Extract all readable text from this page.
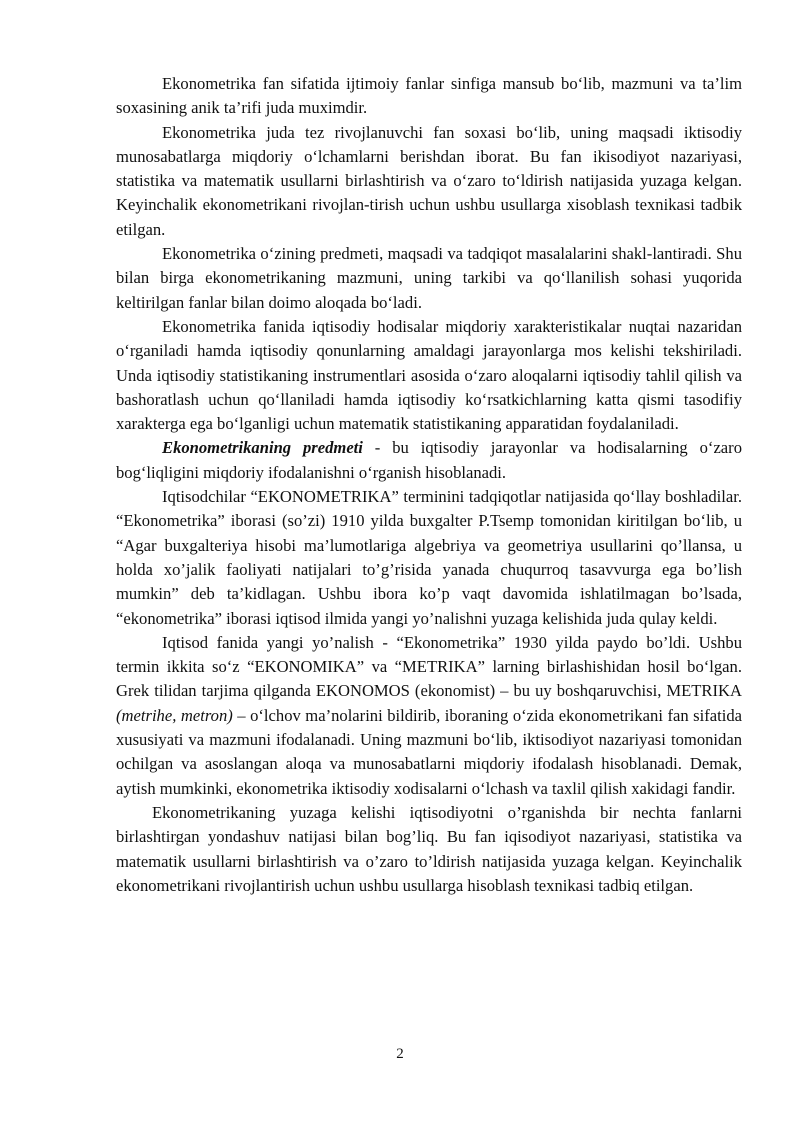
Ekonometrika fan sifatida ijtimoiy fanlar sinfiga mansub bo‘lib, mazmuni va ta’lim soxasining anik ta’rifi juda muximdir.

Ekonometrika juda tez rivojlanuvchi fan soxasi bo‘lib, uning maqsadi iktisodiy munosabatlarga miqdoriy o‘lchamlarni berishdan iborat. Bu fan ikisodiyot nazariyasi, statistika va matematik usullarni birlashtirish va o‘zaro to‘ldirish natijasida yuzaga kelgan. Keyinchalik ekonometrikani rivojlan-tirish uchun ushbu usullarga xisoblash texnikasi tadbik etilgan.

Ekonometrika o‘zining predmeti, maqsadi va tadqiqot masalalarini shakl-lantiradi. Shu bilan birga ekonometrikaning mazmuni, uning tarkibi va qo‘llanilish sohasi yuqorida keltirilgan fanlar bilan doimo aloqada bo‘ladi.

Ekonometrika fanida iqtisodiy hodisalar miqdoriy xarakteristikalar nuqtai nazaridan o‘rganiladi hamda iqtisodiy qonunlarning amaldagi jarayonlarga mos kelishi tekshiriladi. Unda iqtisodiy statistikaning instrumentlari asosida o‘zaro aloqalarni iqtisodiy tahlil qilish va bashoratlash uchun qo‘llaniladi hamda iqtisodiy ko‘rsatkichlarning katta qismi tasodifiy xarakterga ega bo‘lganligi uchun matematik statistikaning apparatidan foydalaniladi.

Ekonometrikaning predmeti - bu iqtisodiy jarayonlar va hodisalarning o‘zaro bog‘liqligini miqdoriy ifodalanishni o‘rganish hisoblanadi.

Iqtisodchilar “EKONOMETRIKA” terminini tadqiqotlar natijasida qo‘llay boshladilar. “Ekonometrika” iborasi (so’zi) 1910 yilda buxgalter P.Tsemp tomonidan kiritilgan bo‘lib, u “Agar buxgalteriya hisobi ma’lumotlariga algebriya va geometriya usullarini qo’llansa, u holda xo’jalik faoliyati natijalari to’g’risida yanada chuqurroq tasavvurga ega bo’lish mumkin” deb ta’kidlagan. Ushbu ibora ko’p vaqt davomida ishlatilmagan bo’lsada, “ekonometrika” iborasi iqtisod ilmida yangi yo’nalishni yuzaga kelishida juda qulay keldi.

Iqtisod fanida yangi yo’nalish - “Ekonometrika” 1930 yilda paydo bo’ldi. Ushbu termin ikkita so‘z “EKONOMIKA” va “METRIKA” larning birlashishidan hosil bo‘lgan. Grek tilidan tarjima qilganda EKONOMOS (ekonomist) – bu uy boshqaruvchisi, METRIKA (metrihe, metron) – o‘lchov ma’nolarini bildirib, iboraning o‘zida ekonometrikani fan sifatida xususiyati va mazmuni ifodalanadi. Uning mazmuni bo‘lib, iktisodiyot nazariyasi tomonidan ochilgan va asoslangan aloqa va munosabatlarni miqdoriy ifodalash hisoblanadi. Demak, aytish mumkinki, ekonometrika iktisodiy xodisalarni o‘lchash va taxlil qilish xakidagi fandir.

Ekonometrikaning yuzaga kelishi iqtisodiyotni o’rganishda bir nechta fanlarni birlashtirgan yondashuv natijasi bilan bog’liq. Bu fan iqisodiyot nazariyasi, statistika va matematik usullarni birlashtirish va o’zaro to’ldirish natijasida yuzaga kelgan. Keyinchalik ekonometrikani rivojlantirish uchun ushbu usullarga hisoblash texnikasi tadbiq etilgan.

2
